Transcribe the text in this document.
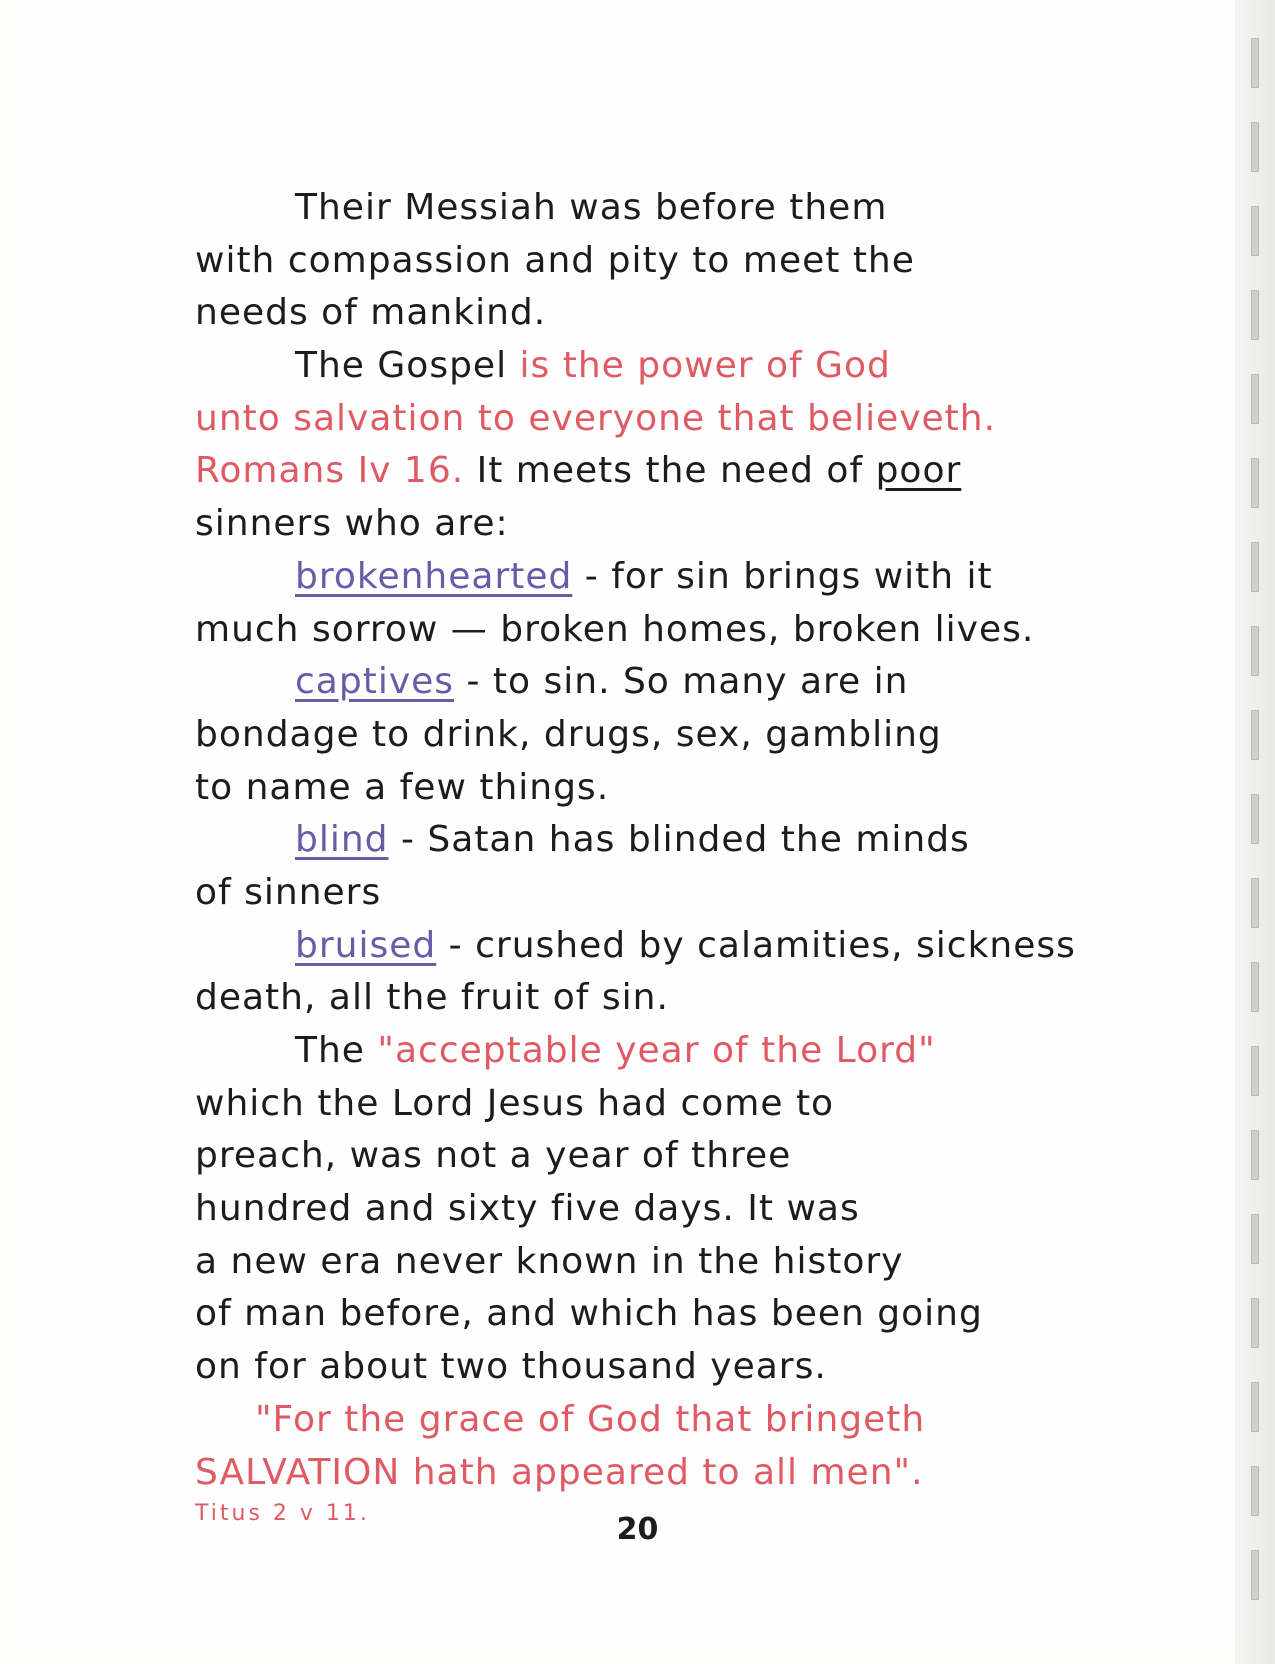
Their Messiah was before them
with compassion and pity to meet the
needs of mankind.
The Gospel is the power of God
unto salvation to everyone that believeth.
Romans Iv 16. It meets the need of poor
sinners who are:
brokenhearted - for sin brings with it
much sorrow — broken homes, broken lives.
captives - to sin. So many are in
bondage to drink, drugs, sex, gambling
to name a few things.
blind - Satan has blinded the minds
of sinners
bruised - crushed by calamities, sickness
death, all the fruit of sin.
The "acceptable year of the Lord"
which the Lord Jesus had come to
preach, was not a year of three
hundred and sixty five days. It was
a new era never known in the history
of man before, and which has been going
on for about two thousand years.
"For the grace of God that bringeth
SALVATION hath appeared to all men".
Titus 2 v 11.	20
